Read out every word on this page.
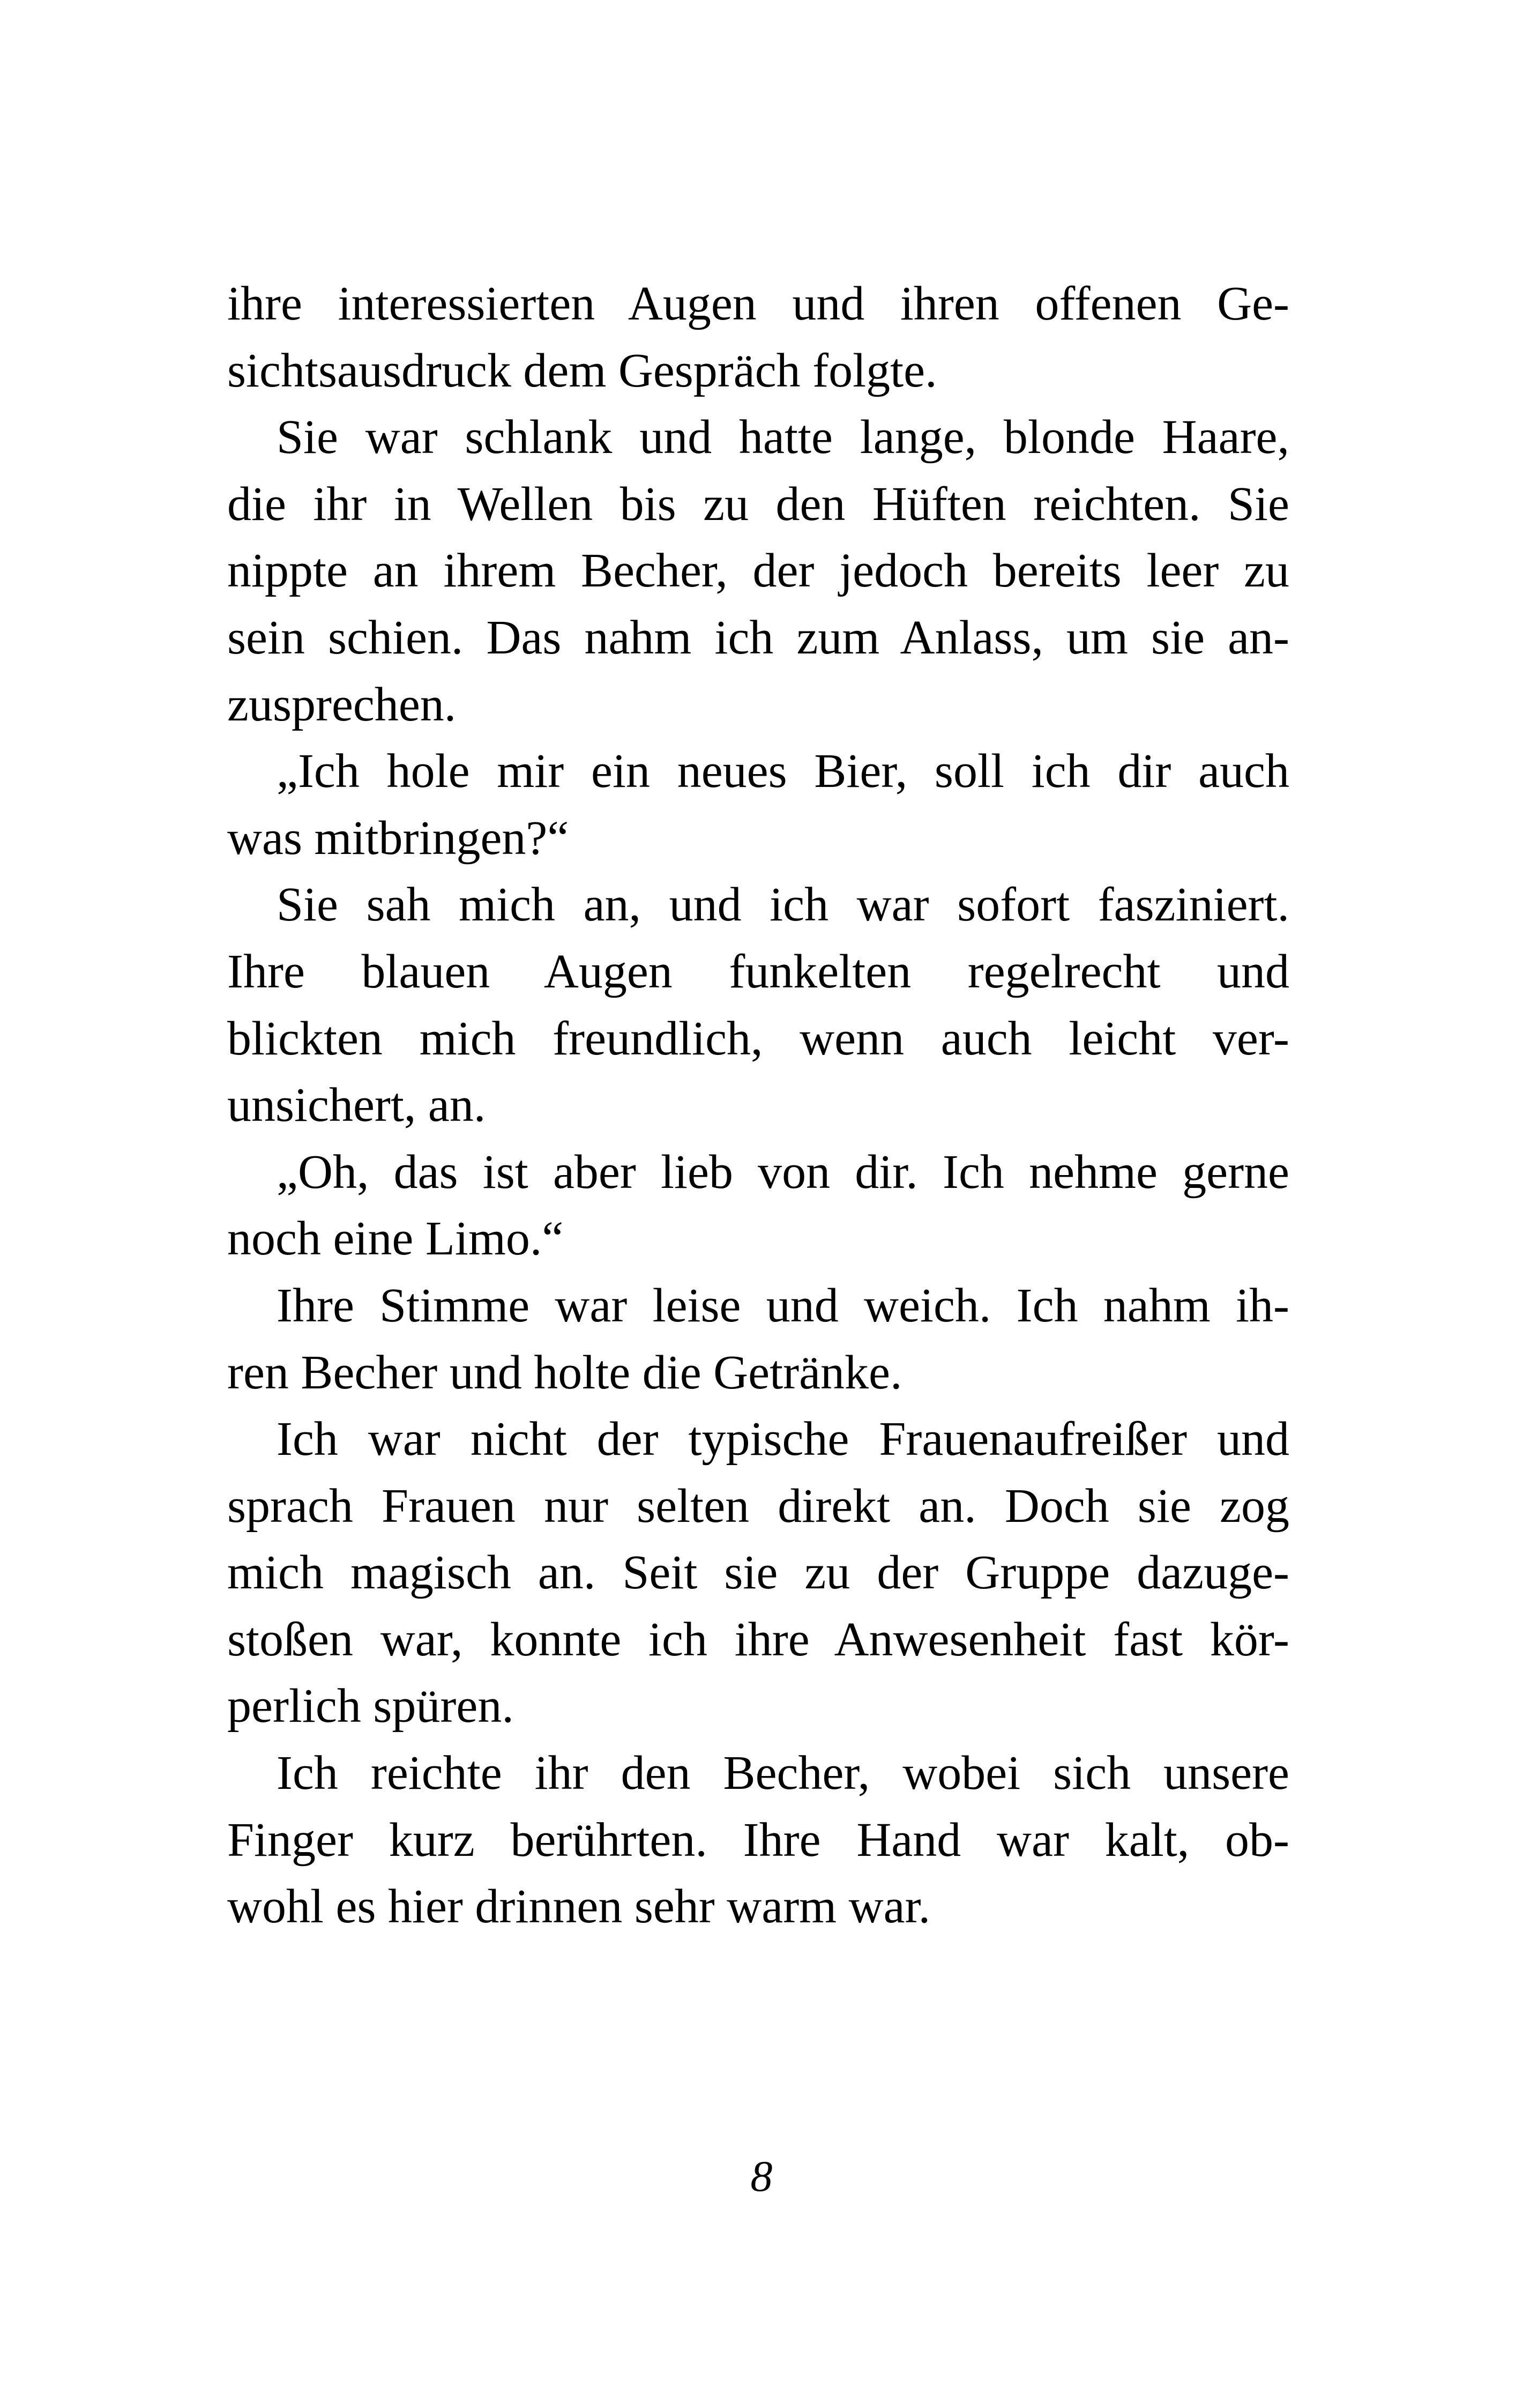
ihre interessierten Augen und ihren offenen Ge-
sichtsausdruck dem Gespräch folgte.

Sie war schlank und hatte lange, blonde Haare,
die ihr in Wellen bis zu den Hüften reichten. Sie
nippte an ihrem Becher, der jedoch bereits leer zu
sein schien. Das nahm ich zum Anlass, um sie an-
zusprechen.

„Ich hole mir ein neues Bier, soll ich dir auch
was mitbringen?“

Sie sah mich an, und ich war sofort fasziniert.
Ihre blauen Augen funkelten regelrecht und
blickten mich freundlich, wenn auch leicht ver-
unsichert, an.

„Oh, das ist aber lieb von dir. Ich nehme gerne
noch eine Limo.“

Ihre Stimme war leise und weich. Ich nahm ih-
ren Becher und holte die Getränke.

Ich war nicht der typische Frauenaufreißer und
sprach Frauen nur selten direkt an. Doch sie zog
mich magisch an. Seit sie zu der Gruppe dazuge-
stoßen war, konnte ich ihre Anwesenheit fast kör-
perlich spüren.

Ich reichte ihr den Becher, wobei sich unsere
Finger kurz berührten. Ihre Hand war kalt, ob-
wohl es hier drinnen sehr warm war.

8
